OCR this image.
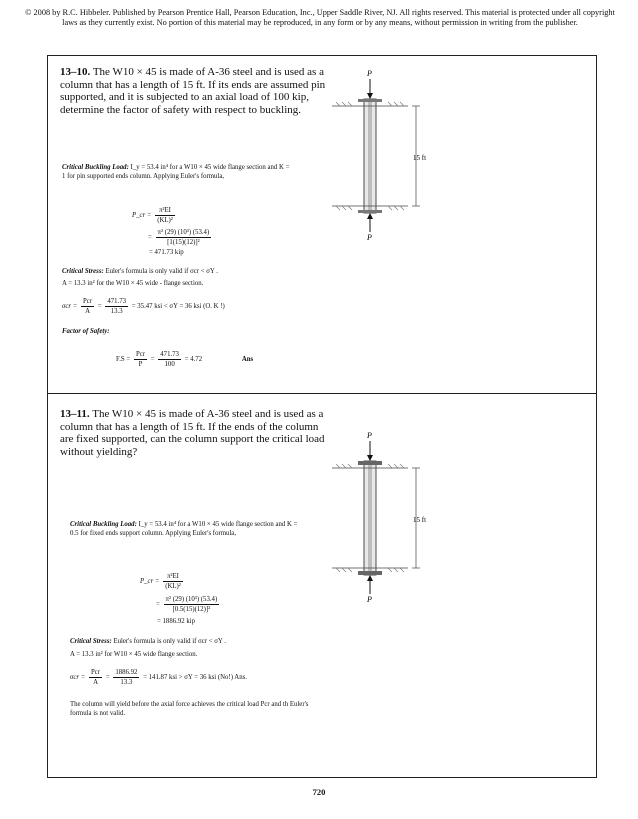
© 2008 by R.C. Hibbeler. Published by Pearson Prentice Hall, Pearson Education, Inc., Upper Saddle River, NJ. All rights reserved. This material is protected under all copyright laws as they currently exist. No portion of this material may be reproduced, in any form or by any means, without permission in writing from the publisher.
13–10. The W10 × 45 is made of A-36 steel and is used as a column that has a length of 15 ft. If its ends are assumed pin supported, and it is subjected to an axial load of 100 kip, determine the factor of safety with respect to buckling.
P
P
15 ft
Critical Buckling Load: I_y = 53.4 in⁴ for a W10 × 45 wide flange section and K = 1 for pin supported ends column. Applying Euler's formula,
P_cr = $\frac{\text{π²EI}}{\text{(KL)²}}$
= $\frac{\text{π² (29) (10³) (53.4)}}{\text{[1(15)(12)]²}}$
= 471.73 kip
Critical Stress: Euler's formula is only valid if σcr < σY .
A = 13.3 in² for the W10 × 45 wide - flange section.
$\sigma cr = \frac{\text{Pcr}}{A} = \frac{471.73}{13.3} = 35.47$ ksi < σY = 36 ksi (O. K !)
Factor of Safety:
$F.S = \frac{\text{Pcr}}{P} = \frac{471.73}{100} = 4.72$	Ans
13–11. The W10 × 45 is made of A-36 steel and is used as a column that has a length of 15 ft. If the ends of the column are fixed supported, can the column support the critical load without yielding?
P
P
15 ft
Critical Buckling Load: I_y = 53.4 in⁴ for a W10 × 45 wide flange section and K = 0.5 for fixed ends support column. Applying Euler's formula,
P_cr = $\frac{\text{π²EI}}{\text{(KL)²}}$
= $\frac{\text{π² (29) (10³) (53.4)}}{\text{[0.5(15)(12)]²}}$
= 1886.92 kip
Critical Stress: Euler's formula is only valid if σcr < σY .
A = 13.3 in² for W10 × 45 wide flange section.
$\sigma cr = \frac{\text{Pcr}}{A} = \frac{1886.92}{13.3} = 141.87$ ksi > σY = 36 ksi (No!) Ans.
The column will yield before the axial force achieves the critical load Pcr and th Euler's formula is not valid.
720
